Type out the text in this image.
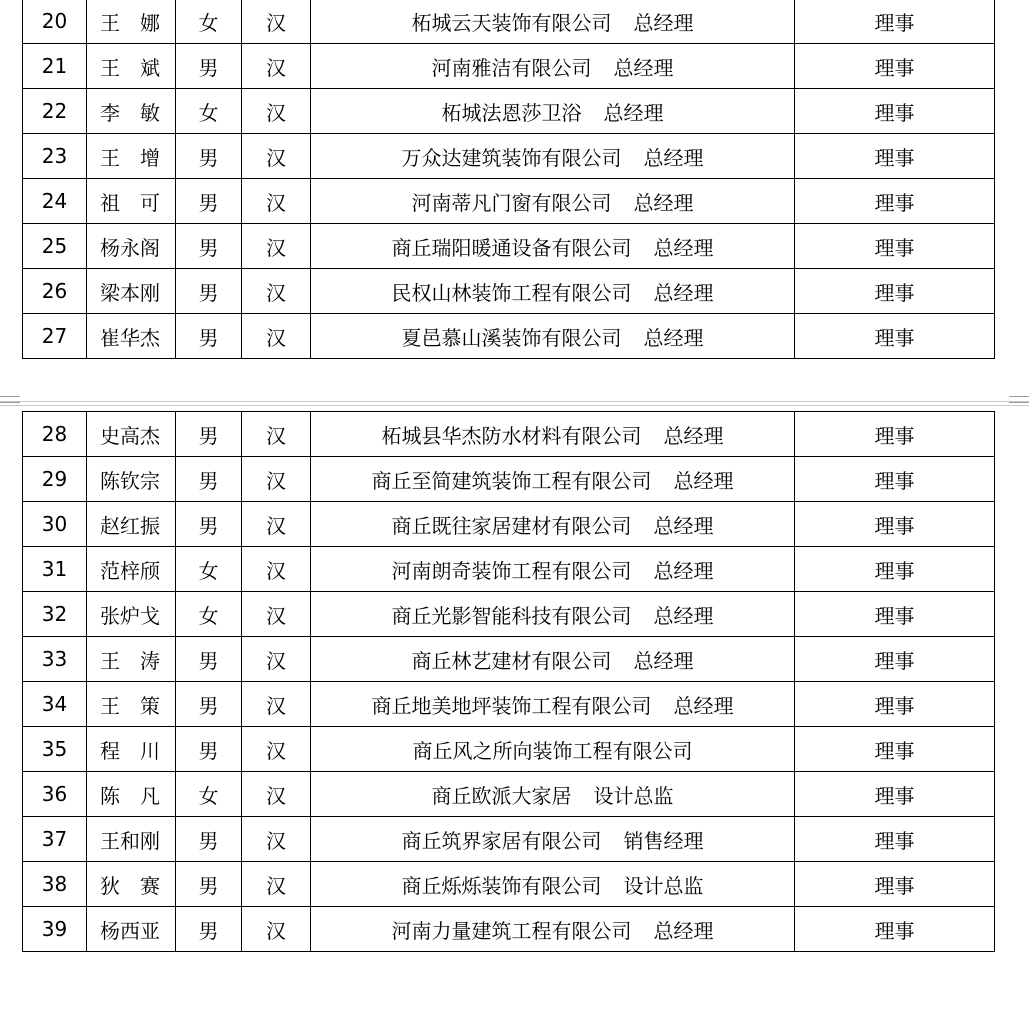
20	王　娜	女	汉	柘城云天装饰有限公司 总经理	理事
21	王　斌	男	汉	河南雅洁有限公司 总经理	理事
22	李　敏	女	汉	柘城法恩莎卫浴 总经理	理事
23	王　增	男	汉	万众达建筑装饰有限公司 总经理	理事
24	祖　可	男	汉	河南蒂凡门窗有限公司 总经理	理事
25	杨永阁	男	汉	商丘瑞阳暖通设备有限公司 总经理	理事
26	梁本刚	男	汉	民权山林装饰工程有限公司 总经理	理事
27	崔华杰	男	汉	夏邑慕山溪装饰有限公司 总经理	理事
28	史高杰	男	汉	柘城县华杰防水材料有限公司 总经理	理事
29	陈钦宗	男	汉	商丘至简建筑装饰工程有限公司 总经理	理事
30	赵红振	男	汉	商丘既往家居建材有限公司 总经理	理事
31	范梓颀	女	汉	河南朗奇装饰工程有限公司 总经理	理事
32	张炉戈	女	汉	商丘光影智能科技有限公司 总经理	理事
33	王　涛	男	汉	商丘林艺建材有限公司 总经理	理事
34	王　策	男	汉	商丘地美地坪装饰工程有限公司 总经理	理事
35	程　川	男	汉	商丘风之所向装饰工程有限公司	理事
36	陈　凡	女	汉	商丘欧派大家居 设计总监	理事
37	王和刚	男	汉	商丘筑界家居有限公司 销售经理	理事
38	狄　赛	男	汉	商丘烁烁装饰有限公司 设计总监	理事
39	杨西亚	男	汉	河南力量建筑工程有限公司 总经理	理事
